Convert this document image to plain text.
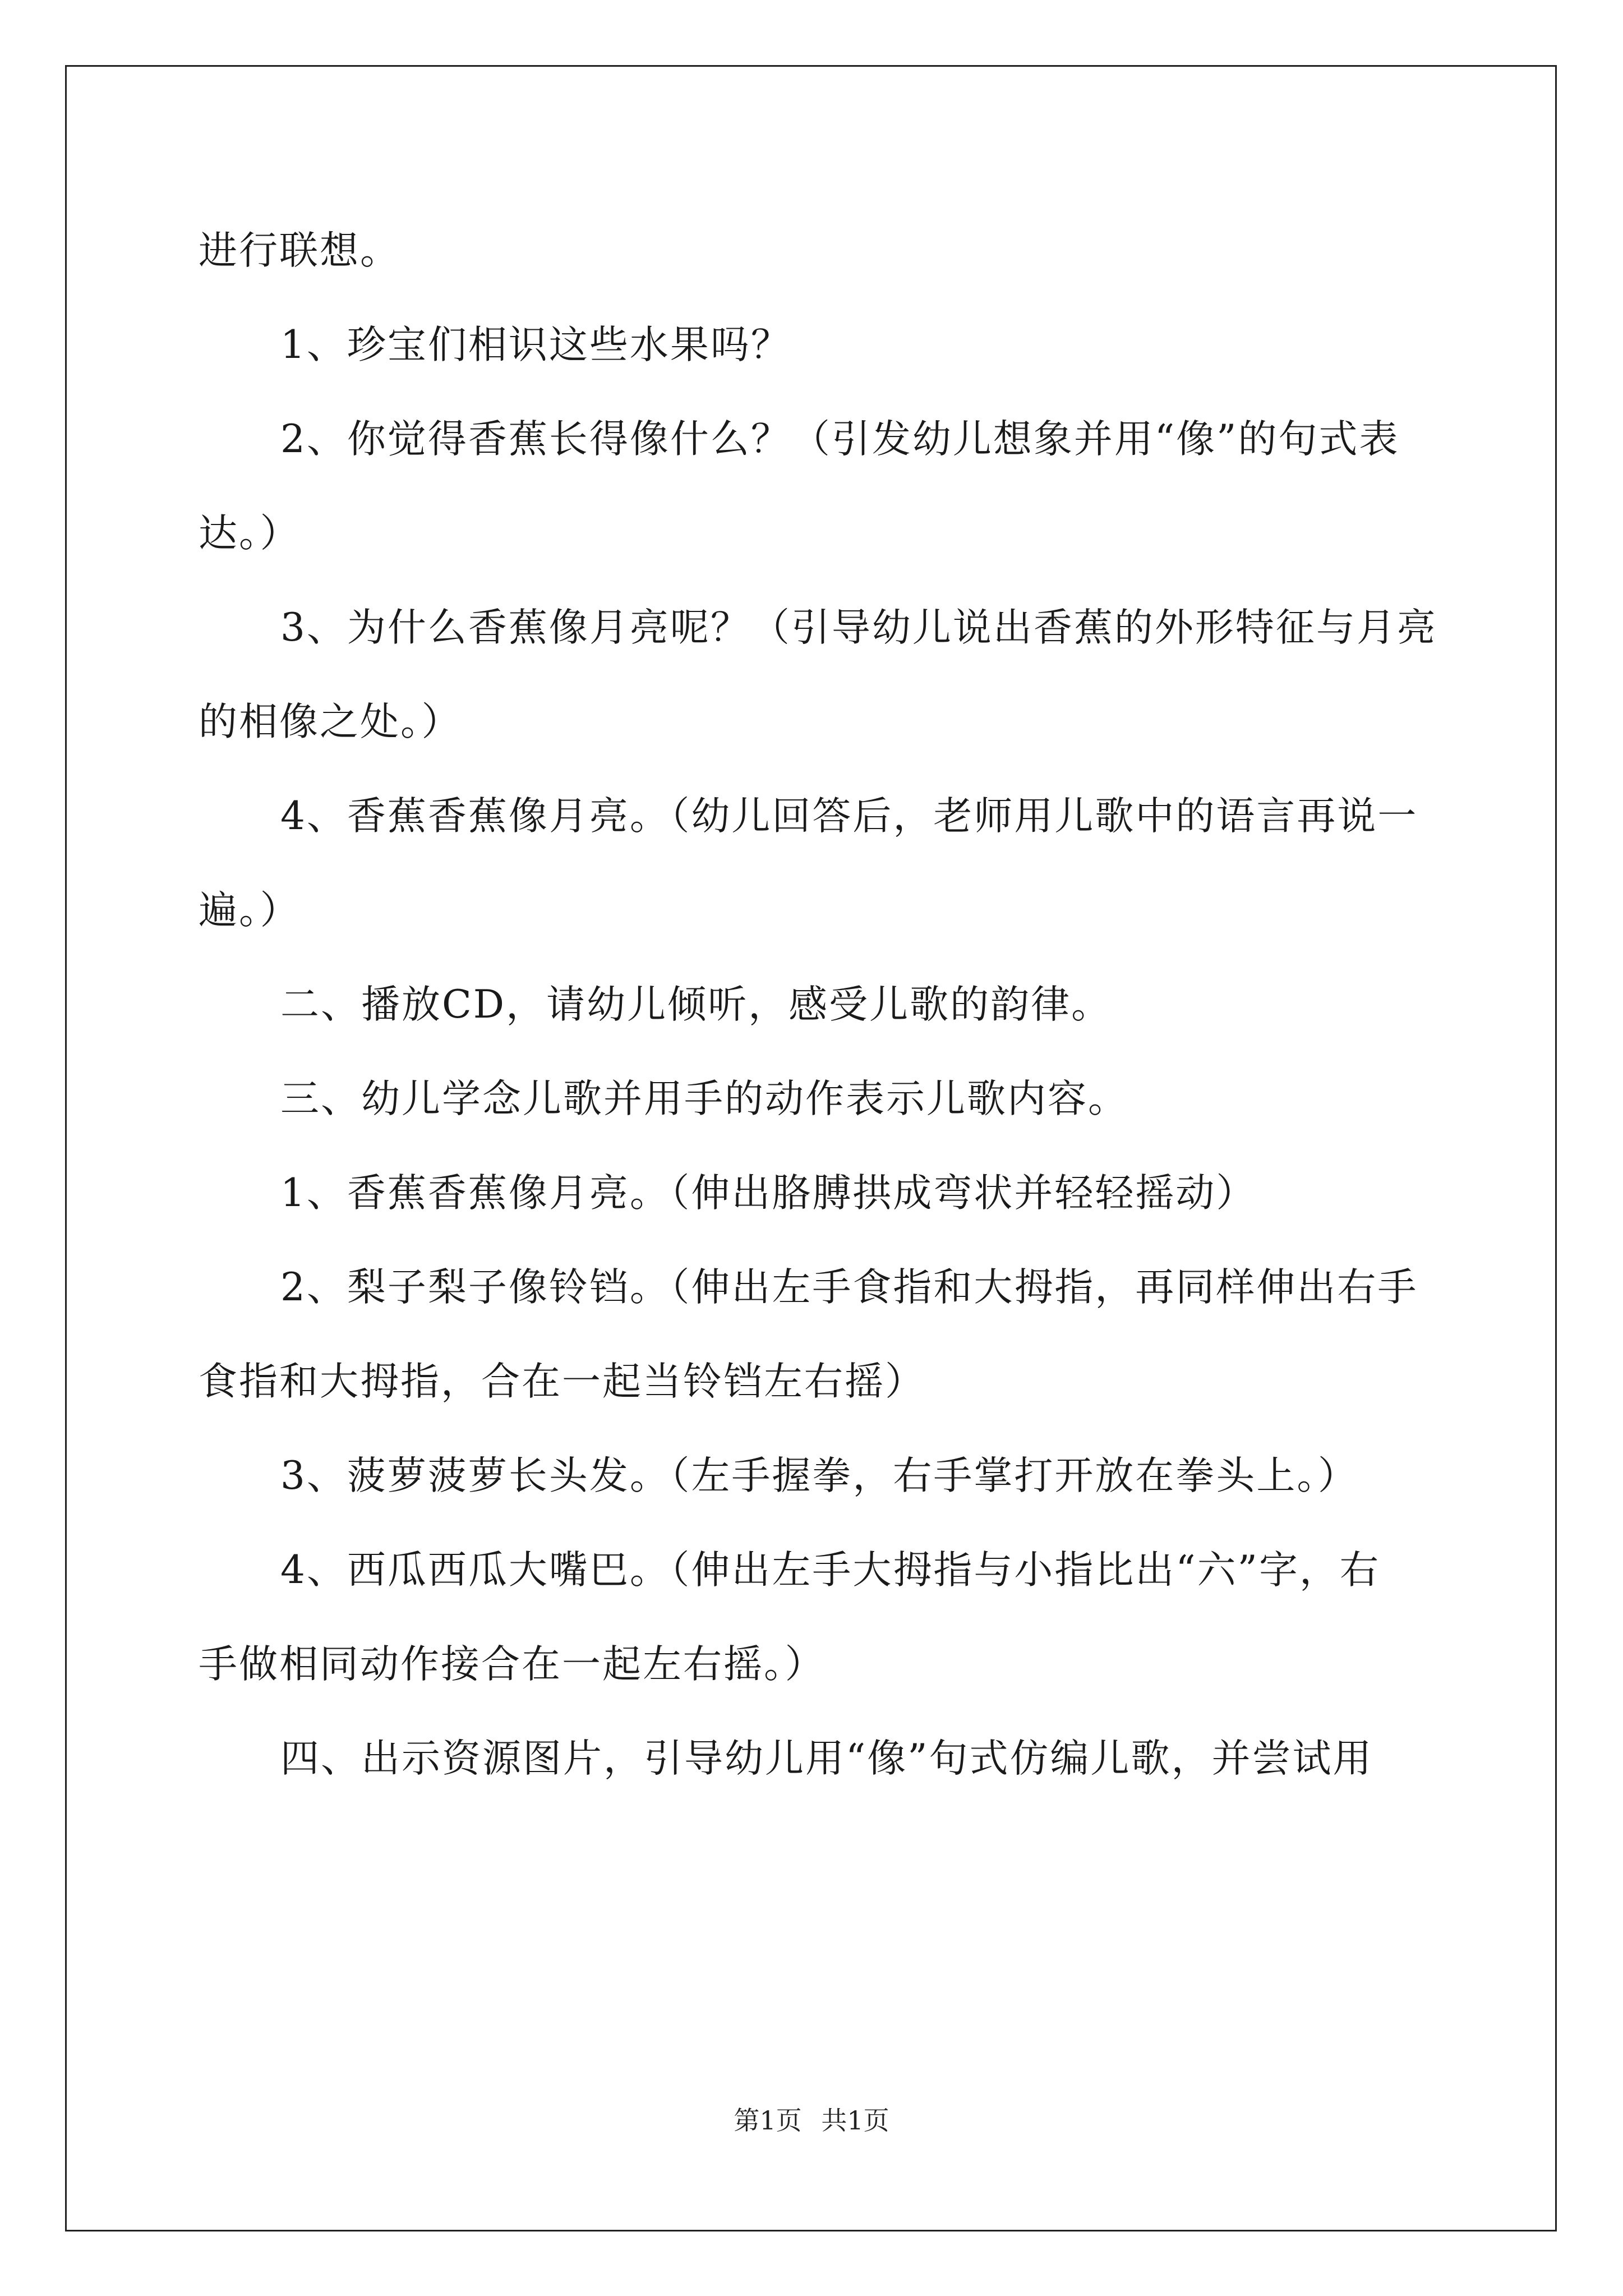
进行联想。
1、珍宝们相识这些水果吗？
2、你觉得香蕉长得像什么？（引发幼儿想象并用“像”的句式表
达。）
3、为什么香蕉像月亮呢？（引导幼儿说出香蕉的外形特征与月亮
的相像之处。）
4、香蕉香蕉像月亮。（幼儿回答后，老师用儿歌中的语言再说一
遍。）
二、播放CD，请幼儿倾听，感受儿歌的韵律。
三、幼儿学念儿歌并用手的动作表示儿歌内容。
1、香蕉香蕉像月亮。（伸出胳膊拱成弯状并轻轻摇动）
2、梨子梨子像铃铛。（伸出左手食指和大拇指，再同样伸出右手
食指和大拇指，合在一起当铃铛左右摇）
3、菠萝菠萝长头发。（左手握拳，右手掌打开放在拳头上。）
4、西瓜西瓜大嘴巴。（伸出左手大拇指与小指比出“六”字，右
手做相同动作接合在一起左右摇。）
四、出示资源图片，引导幼儿用“像”句式仿编儿歌，并尝试用
第1页 共1页
